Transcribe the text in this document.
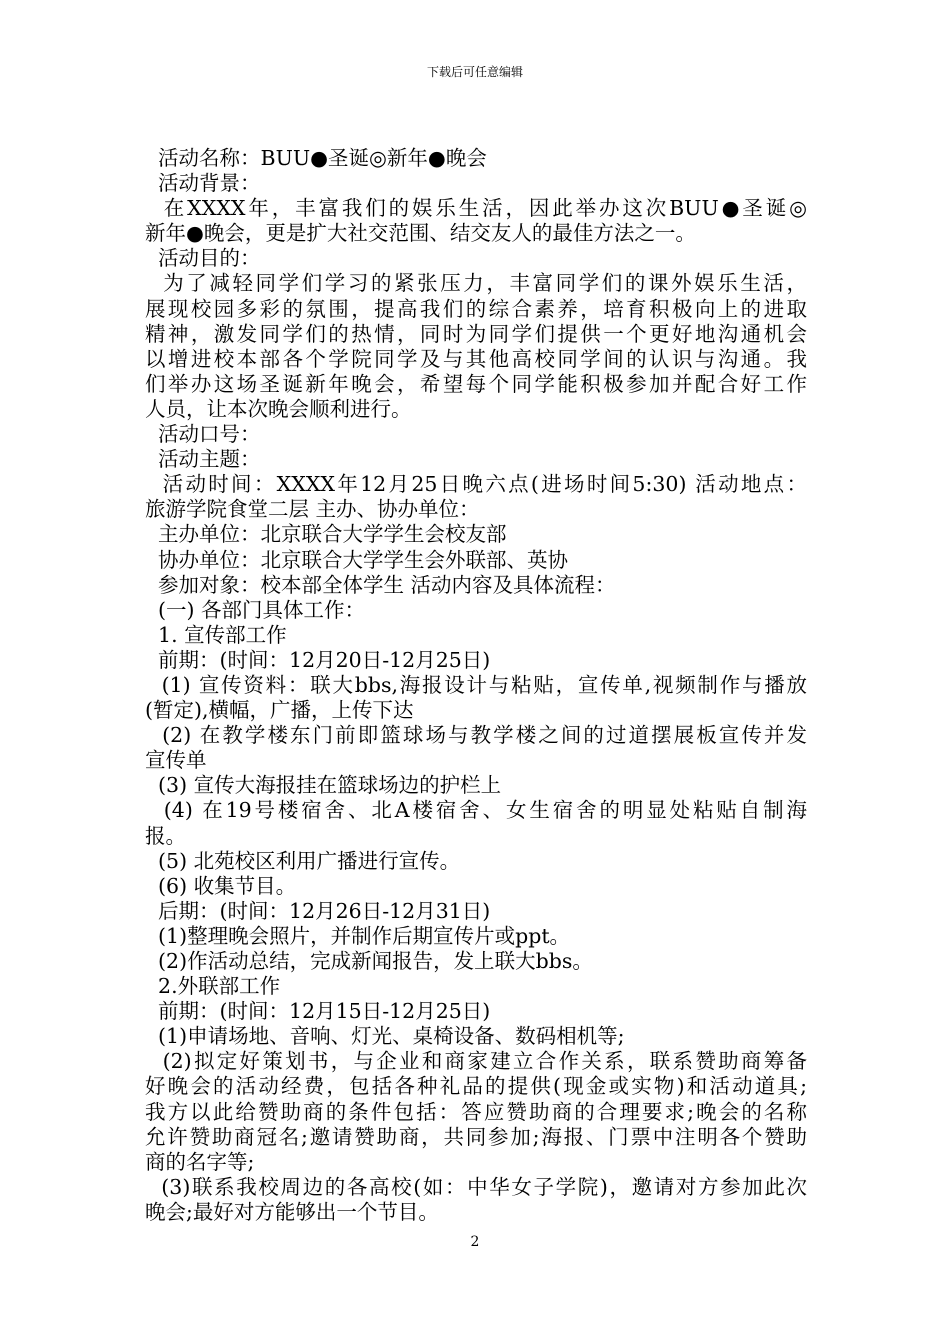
下载后可任意编辑
活动名称：BUU●圣诞◎新年●晚会
活动背景：
在XXXX年，丰富我们的娱乐生活，因此举办这次BUU●圣诞◎
新年●晚会，更是扩大社交范围、结交友人的最佳方法之一。
活动目的：
为了减轻同学们学习的紧张压力，丰富同学们的课外娱乐生活，
展现校园多彩的氛围，提高我们的综合素养，培育积极向上的进取
精神，激发同学们的热情，同时为同学们提供一个更好地沟通机会
以增进校本部各个学院同学及与其他高校同学间的认识与沟通。我
们举办这场圣诞新年晚会，希望每个同学能积极参加并配合好工作
人员，让本次晚会顺利进行。
活动口号：
活动主题：
活动时间：XXXX年12月25日晚六点(进场时间5:30) 活动地点：
旅游学院食堂二层 主办、协办单位：
主办单位：北京联合大学学生会校友部
协办单位：北京联合大学学生会外联部、英协
参加对象：校本部全体学生 活动内容及具体流程：
(一) 各部门具体工作：
1. 宣传部工作
前期：(时间：12月20日-12月25日)
(1) 宣传资料：联大bbs,海报设计与粘贴，宣传单,视频制作与播放
(暂定),横幅，广播，上传下达
(2) 在教学楼东门前即篮球场与教学楼之间的过道摆展板宣传并发
宣传单
(3) 宣传大海报挂在篮球场边的护栏上
(4) 在19号楼宿舍、北A楼宿舍、女生宿舍的明显处粘贴自制海
报。
(5) 北苑校区利用广播进行宣传。
(6) 收集节目。
后期：(时间：12月26日-12月31日)
(1)整理晚会照片，并制作后期宣传片或ppt。
(2)作活动总结，完成新闻报告，发上联大bbs。
2.外联部工作
前期：(时间：12月15日-12月25日)
(1)申请场地、音响、灯光、桌椅设备、数码相机等;
(2)拟定好策划书，与企业和商家建立合作关系，联系赞助商筹备
好晚会的活动经费，包括各种礼品的提供(现金或实物)和活动道具;
我方以此给赞助商的条件包括：答应赞助商的合理要求;晚会的名称
允许赞助商冠名;邀请赞助商，共同参加;海报、门票中注明各个赞助
商的名字等;
(3)联系我校周边的各高校(如：中华女子学院)，邀请对方参加此次
晚会;最好对方能够出一个节目。
2
